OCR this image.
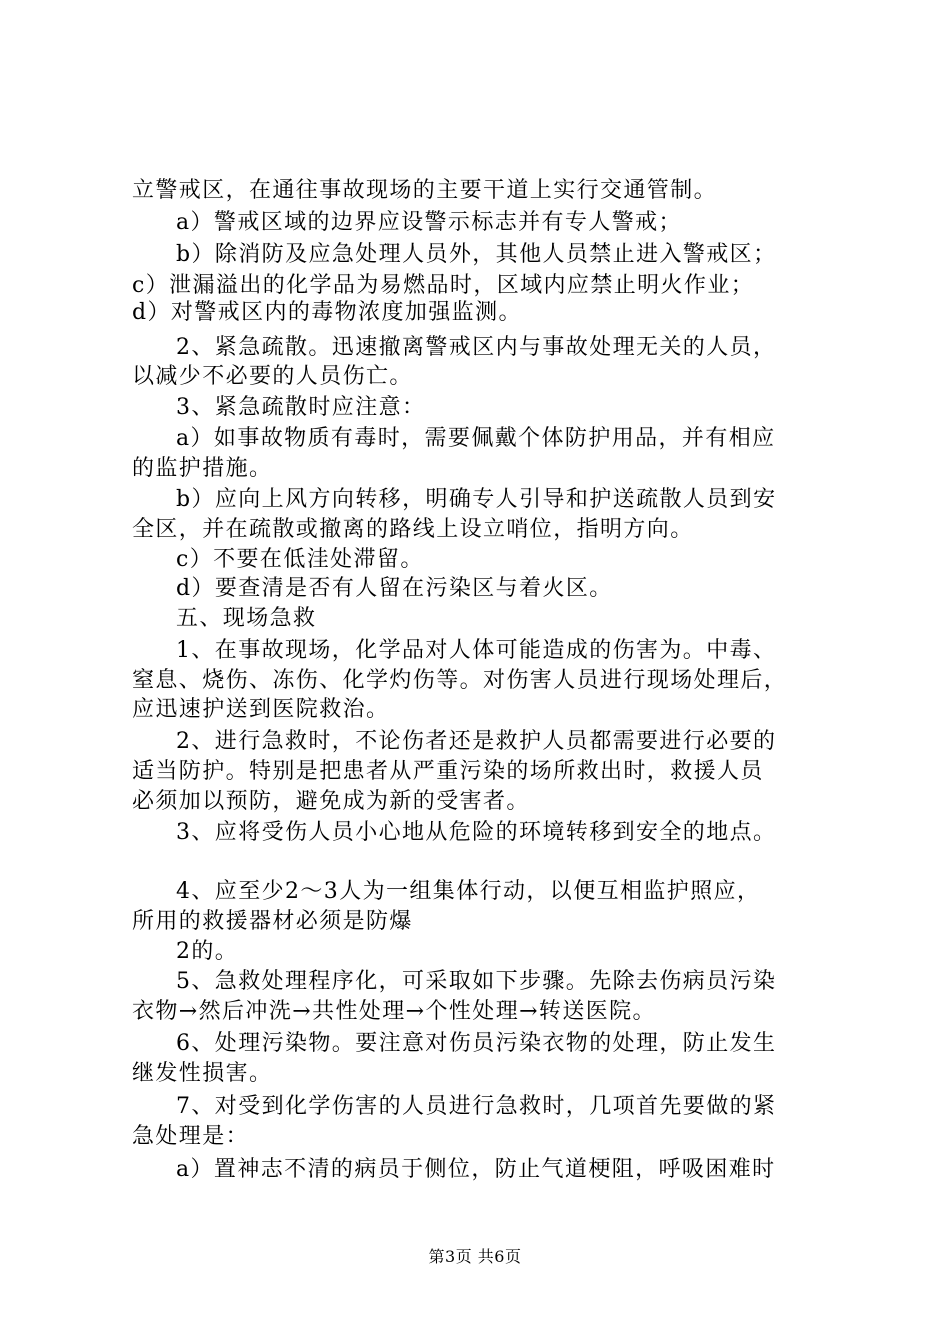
立警戒区，在通往事故现场的主要干道上实行交通管制。
a）警戒区域的边界应设警示标志并有专人警戒；
b）除消防及应急处理人员外，其他人员禁止进入警戒区；
c）泄漏溢出的化学品为易燃品时，区域内应禁止明火作业；
d）对警戒区内的毒物浓度加强监测。
2、紧急疏散。迅速撤离警戒区内与事故处理无关的人员，
以减少不必要的人员伤亡。
3、紧急疏散时应注意：
a）如事故物质有毒时，需要佩戴个体防护用品，并有相应
的监护措施。
b）应向上风方向转移，明确专人引导和护送疏散人员到安
全区，并在疏散或撤离的路线上设立哨位，指明方向。
c）不要在低洼处滞留。
d）要查清是否有人留在污染区与着火区。
五、现场急救
1、在事故现场，化学品对人体可能造成的伤害为。中毒、
窒息、烧伤、冻伤、化学灼伤等。对伤害人员进行现场处理后，
应迅速护送到医院救治。
2、进行急救时，不论伤者还是救护人员都需要进行必要的
适当防护。特别是把患者从严重污染的场所救出时，救援人员
必须加以预防，避免成为新的受害者。
3、应将受伤人员小心地从危险的环境转移到安全的地点。
4、应至少2～3人为一组集体行动，以便互相监护照应，
所用的救援器材必须是防爆
2的。
5、急救处理程序化，可采取如下步骤。先除去伤病员污染
衣物→然后冲洗→共性处理→个性处理→转送医院。
6、处理污染物。要注意对伤员污染衣物的处理，防止发生
继发性损害。
7、对受到化学伤害的人员进行急救时，几项首先要做的紧
急处理是：
a）置神志不清的病员于侧位，防止气道梗阻，呼吸困难时
第3页 共6页
